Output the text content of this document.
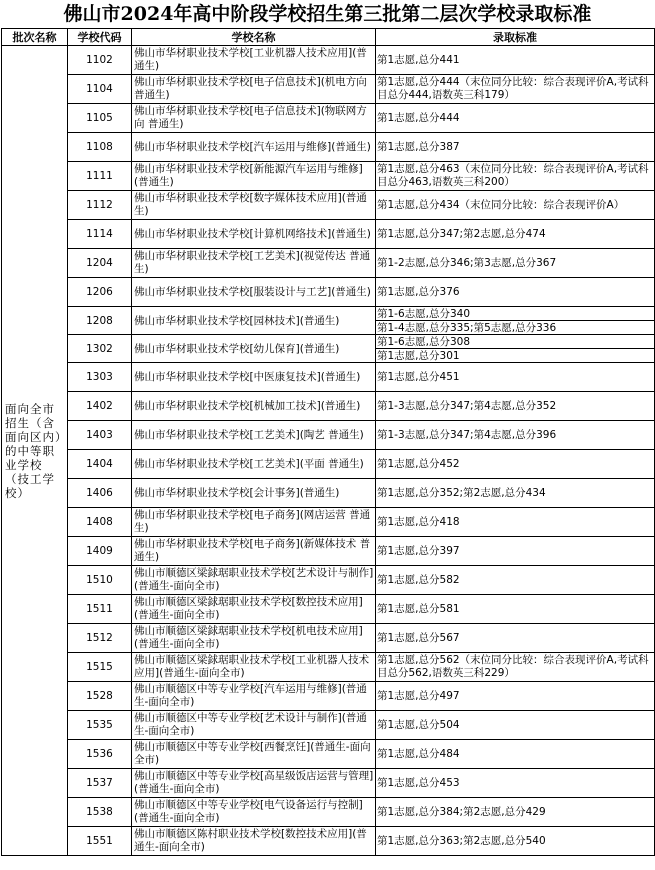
佛山市2024年高中阶段学校招生第三批第二层次学校录取标准
批次名称	学校代码	学校名称	录取标准
面向全市招生（含面向区内）的中等职业学校（技工学校）	1102	佛山市华材职业技术学校[工业机器人技术应用](普通生)	第1志愿,总分441
	1104	佛山市华材职业技术学校[电子信息技术](机电方向 普通生)	第1志愿,总分444（末位同分比较：综合表现评价A,考试科目总分444,语数英三科179）
	1105	佛山市华材职业技术学校[电子信息技术](物联网方向 普通生)	第1志愿,总分444
	1108	佛山市华材职业技术学校[汽车运用与维修](普通生)	第1志愿,总分387
	1111	佛山市华材职业技术学校[新能源汽车运用与维修](普通生)	第1志愿,总分463（末位同分比较：综合表现评价A,考试科目总分463,语数英三科200）
	1112	佛山市华材职业技术学校[数字媒体技术应用](普通生)	第1志愿,总分434（末位同分比较：综合表现评价A）
	1114	佛山市华材职业技术学校[计算机网络技术](普通生)	第1志愿,总分347;第2志愿,总分474
	1204	佛山市华材职业技术学校[工艺美术](视觉传达 普通生)	第1-2志愿,总分346;第3志愿,总分367
	1206	佛山市华材职业技术学校[服装设计与工艺](普通生)	第1志愿,总分376
	1208	佛山市华材职业技术学校[园林技术](普通生)	第1-6志愿,总分340
			第1-4志愿,总分335;第5志愿,总分336
	1302	佛山市华材职业技术学校[幼儿保育](普通生)	第1-6志愿,总分308
			第1志愿,总分301
	1303	佛山市华材职业技术学校[中医康复技术](普通生)	第1志愿,总分451
	1402	佛山市华材职业技术学校[机械加工技术](普通生)	第1-3志愿,总分347;第4志愿,总分352
	1403	佛山市华材职业技术学校[工艺美术](陶艺 普通生)	第1-3志愿,总分347;第4志愿,总分396
	1404	佛山市华材职业技术学校[工艺美术](平面 普通生)	第1志愿,总分452
	1406	佛山市华材职业技术学校[会计事务](普通生)	第1志愿,总分352;第2志愿,总分434
	1408	佛山市华材职业技术学校[电子商务](网店运营 普通生)	第1志愿,总分418
	1409	佛山市华材职业技术学校[电子商务](新媒体技术 普通生)	第1志愿,总分397
	1510	佛山市顺德区梁銶琚职业技术学校[艺术设计与制作](普通生-面向全市)	第1志愿,总分582
	1511	佛山市顺德区梁銶琚职业技术学校[数控技术应用](普通生-面向全市)	第1志愿,总分581
	1512	佛山市顺德区梁銶琚职业技术学校[机电技术应用](普通生-面向全市)	第1志愿,总分567
	1515	佛山市顺德区梁銶琚职业技术学校[工业机器人技术应用](普通生-面向全市)	第1志愿,总分562（末位同分比较：综合表现评价A,考试科目总分562,语数英三科229）
	1528	佛山市顺德区中等专业学校[汽车运用与维修](普通生-面向全市)	第1志愿,总分497
	1535	佛山市顺德区中等专业学校[艺术设计与制作](普通生-面向全市)	第1志愿,总分504
	1536	佛山市顺德区中等专业学校[西餐烹饪](普通生-面向全市)	第1志愿,总分484
	1537	佛山市顺德区中等专业学校[高星级饭店运营与管理](普通生-面向全市)	第1志愿,总分453
	1538	佛山市顺德区中等专业学校[电气设备运行与控制](普通生-面向全市)	第1志愿,总分384;第2志愿,总分429
	1551	佛山市顺德区陈村职业技术学校[数控技术应用](普通生-面向全市)	第1志愿,总分363;第2志愿,总分540
